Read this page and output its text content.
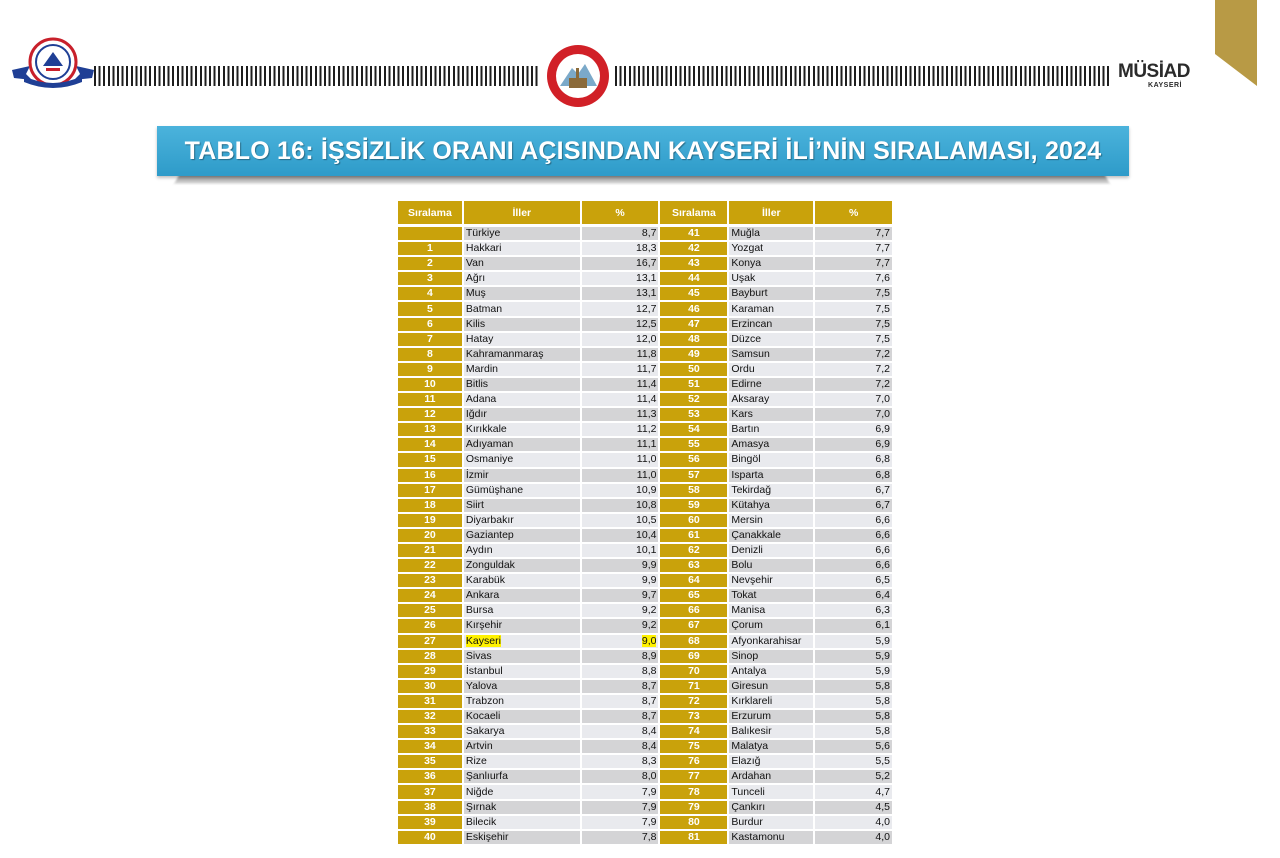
MÜSİAD
KAYSERİ
TABLO 16: İŞSİZLİK ORANI AÇISINDAN KAYSERİ İLİ’NİN SIRALAMASI, 2024
Sıralama	İller	%
	Türkiye	8,7
1	Hakkari	18,3
2	Van	16,7
3	Ağrı	13,1
4	Muş	13,1
5	Batman	12,7
6	Kilis	12,5
7	Hatay	12,0
8	Kahramanmaraş	11,8
9	Mardin	11,7
10	Bitlis	11,4
11	Adana	11,4
12	Iğdır	11,3
13	Kırıkkale	11,2
14	Adıyaman	11,1
15	Osmaniye	11,0
16	İzmir	11,0
17	Gümüşhane	10,9
18	Siirt	10,8
19	Diyarbakır	10,5
20	Gaziantep	10,4
21	Aydın	10,1
22	Zonguldak	9,9
23	Karabük	9,9
24	Ankara	9,7
25	Bursa	9,2
26	Kırşehir	9,2
27	Kayseri	9,0
28	Sivas	8,9
29	İstanbul	8,8
30	Yalova	8,7
31	Trabzon	8,7
32	Kocaeli	8,7
33	Sakarya	8,4
34	Artvin	8,4
35	Rize	8,3
36	Şanlıurfa	8,0
37	Niğde	7,9
38	Şırnak	7,9
39	Bilecik	7,9
40	Eskişehir	7,8
Sıralama	İller	%
41	Muğla	7,7
42	Yozgat	7,7
43	Konya	7,7
44	Uşak	7,6
45	Bayburt	7,5
46	Karaman	7,5
47	Erzincan	7,5
48	Düzce	7,5
49	Samsun	7,2
50	Ordu	7,2
51	Edirne	7,2
52	Aksaray	7,0
53	Kars	7,0
54	Bartın	6,9
55	Amasya	6,9
56	Bingöl	6,8
57	Isparta	6,8
58	Tekirdağ	6,7
59	Kütahya	6,7
60	Mersin	6,6
61	Çanakkale	6,6
62	Denizli	6,6
63	Bolu	6,6
64	Nevşehir	6,5
65	Tokat	6,4
66	Manisa	6,3
67	Çorum	6,1
68	Afyonkarahisar	5,9
69	Sinop	5,9
70	Antalya	5,9
71	Giresun	5,8
72	Kırklareli	5,8
73	Erzurum	5,8
74	Balıkesir	5,8
75	Malatya	5,6
76	Elazığ	5,5
77	Ardahan	5,2
78	Tunceli	4,7
79	Çankırı	4,5
80	Burdur	4,0
81	Kastamonu	4,0
